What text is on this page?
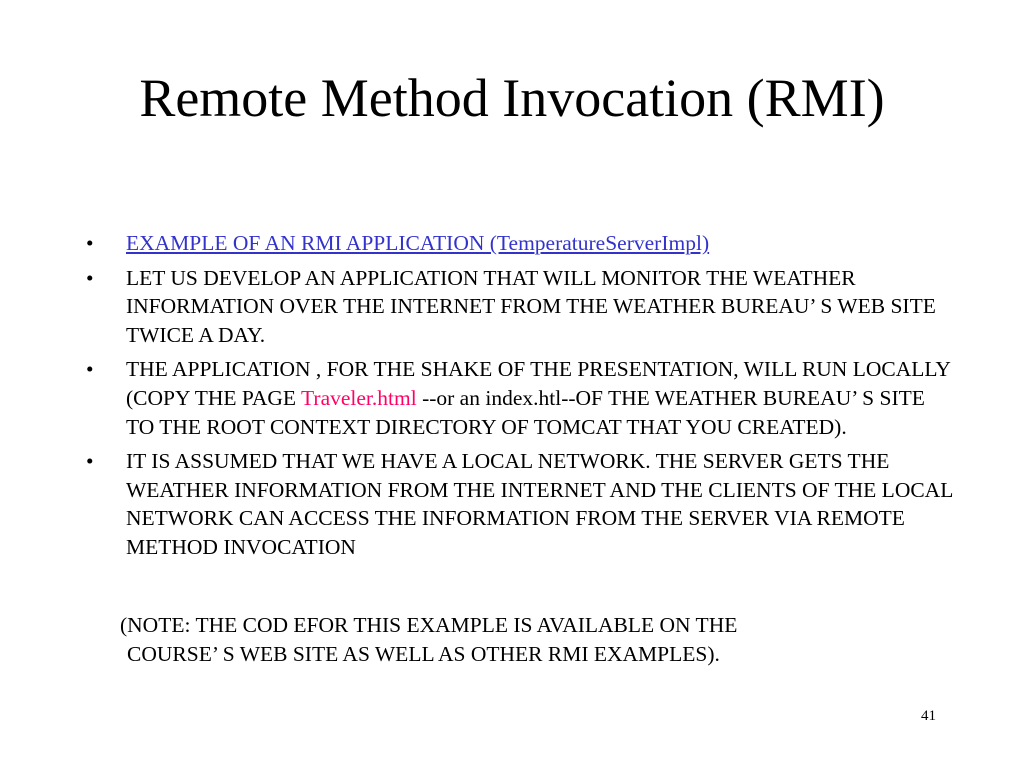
Remote Method Invocation (RMI)
• EXAMPLE OF AN RMI APPLICATION (TemperatureServerImpl)
• LET US DEVELOP AN APPLICATION THAT WILL MONITOR THE WEATHER INFORMATION OVER THE INTERNET FROM THE WEATHER BUREAU’ S WEB SITE TWICE A DAY.
• THE APPLICATION , FOR THE SHAKE OF THE PRESENTATION, WILL RUN LOCALLY (COPY THE PAGE Traveler.html --or an index.htl--OF THE WEATHER BUREAU’ S SITE TO THE ROOT CONTEXT DIRECTORY OF TOMCAT THAT YOU CREATED).
• IT IS ASSUMED THAT WE HAVE A LOCAL NETWORK. THE SERVER GETS THE WEATHER INFORMATION FROM THE INTERNET AND THE CLIENTS OF THE LOCAL NETWORK CAN ACCESS THE INFORMATION FROM THE SERVER VIA REMOTE METHOD INVOCATION
(NOTE: THE COD EFOR THIS EXAMPLE IS AVAILABLE ON THE
COURSE’ S WEB SITE AS WELL AS OTHER RMI EXAMPLES).
41
